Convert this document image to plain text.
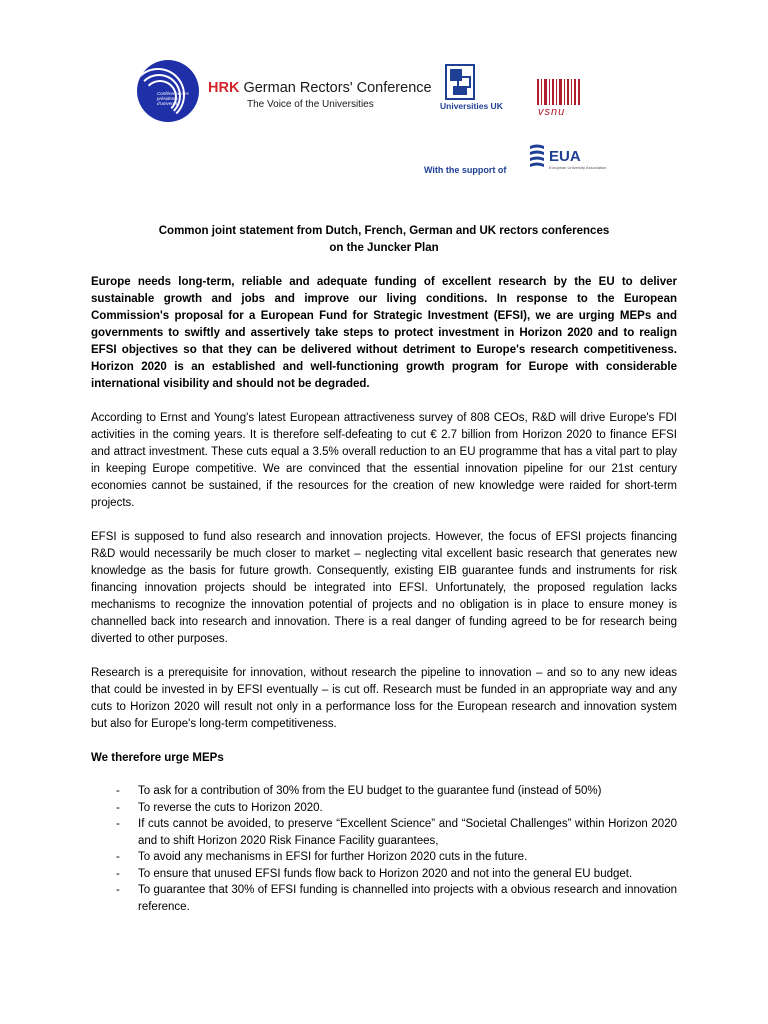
Conférence des présidents d'université
HRK German Rectors' Conference
The Voice of the Universities	Universities UK	vsnu
With the support of
EUA
European University Association
Common joint statement from Dutch, French, German and UK rectors conferences
on the Juncker Plan

Europe needs long-term, reliable and adequate funding of excellent research by the EU to deliver sustainable growth and jobs and improve our living conditions. In response to the European Commission's proposal for a European Fund for Strategic Investment (EFSI), we are urging MEPs and governments to swiftly and assertively take steps to protect investment in Horizon 2020 and to realign EFSI objectives so that they can be delivered without detriment to Europe's research competitiveness. Horizon 2020 is an established and well-functioning growth program for Europe with considerable international visibility and should not be degraded.

According to Ernst and Young's latest European attractiveness survey of 808 CEOs, R&D will drive Europe's FDI activities in the coming years. It is therefore self-defeating to cut € 2.7 billion from Horizon 2020 to finance EFSI and attract investment. These cuts equal a 3.5% overall reduction to an EU programme that has a vital part to play in keeping Europe competitive. We are convinced that the essential innovation pipeline for our 21st century economies cannot be sustained, if the resources for the creation of new knowledge were raided for short-term projects.

EFSI is supposed to fund also research and innovation projects. However, the focus of EFSI projects financing R&D would necessarily be much closer to market – neglecting vital excellent basic research that generates new knowledge as the basis for future growth. Consequently, existing EIB guarantee funds and instruments for risk financing innovation projects should be integrated into EFSI. Unfortunately, the proposed regulation lacks mechanisms to recognize the innovation potential of projects and no obligation is in place to ensure money is channelled back into research and innovation. There is a real danger of funding agreed to be for research being diverted to other purposes.

Research is a prerequisite for innovation, without research the pipeline to innovation – and so to any new ideas that could be invested in by EFSI eventually – is cut off. Research must be funded in an appropriate way and any cuts to Horizon 2020 will result not only in a performance loss for the European research and innovation system but also for Europe's long-term competitiveness.

We therefore urge MEPs
- To ask for a contribution of 30% from the EU budget to the guarantee fund (instead of 50%)
- To reverse the cuts to Horizon 2020.
- If cuts cannot be avoided, to preserve “Excellent Science” and “Societal Challenges” within Horizon 2020 and to shift Horizon 2020 Risk Finance Facility guarantees,
- To avoid any mechanisms in EFSI for further Horizon 2020 cuts in the future.
- To ensure that unused EFSI funds flow back to Horizon 2020 and not into the general EU budget.
- To guarantee that 30% of EFSI funding is channelled into projects with a obvious research and innovation reference.
